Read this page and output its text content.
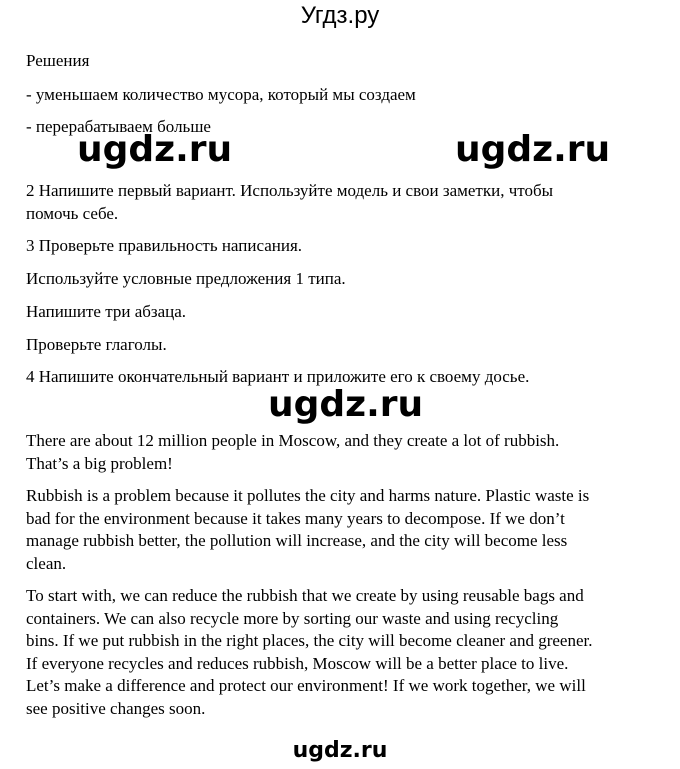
Угдз.ру
Решения
- уменьшаем количество мусора, который мы создаем
- перерабатываем больше
ugdz.ru	ugdz.ru
2 Напишите первый вариант. Используйте модель и свои заметки, чтобы
помочь себе.
3 Проверьте правильность написания.
Используйте условные предложения 1 типа.
Напишите три абзаца.
Проверьте глаголы.
4 Напишите окончательный вариант и приложите его к своему досье.
ugdz.ru
There are about 12 million people in Moscow, and they create a lot of rubbish.
That’s a big problem!
Rubbish is a problem because it pollutes the city and harms nature. Plastic waste is
bad for the environment because it takes many years to decompose. If we don’t
manage rubbish better, the pollution will increase, and the city will become less
clean.
To start with, we can reduce the rubbish that we create by using reusable bags and
containers. We can also recycle more by sorting our waste and using recycling
bins. If we put rubbish in the right places, the city will become cleaner and greener.
If everyone recycles and reduces rubbish, Moscow will be a better place to live.
Let’s make a difference and protect our environment! If we work together, we will
see positive changes soon.
ugdz.ru
